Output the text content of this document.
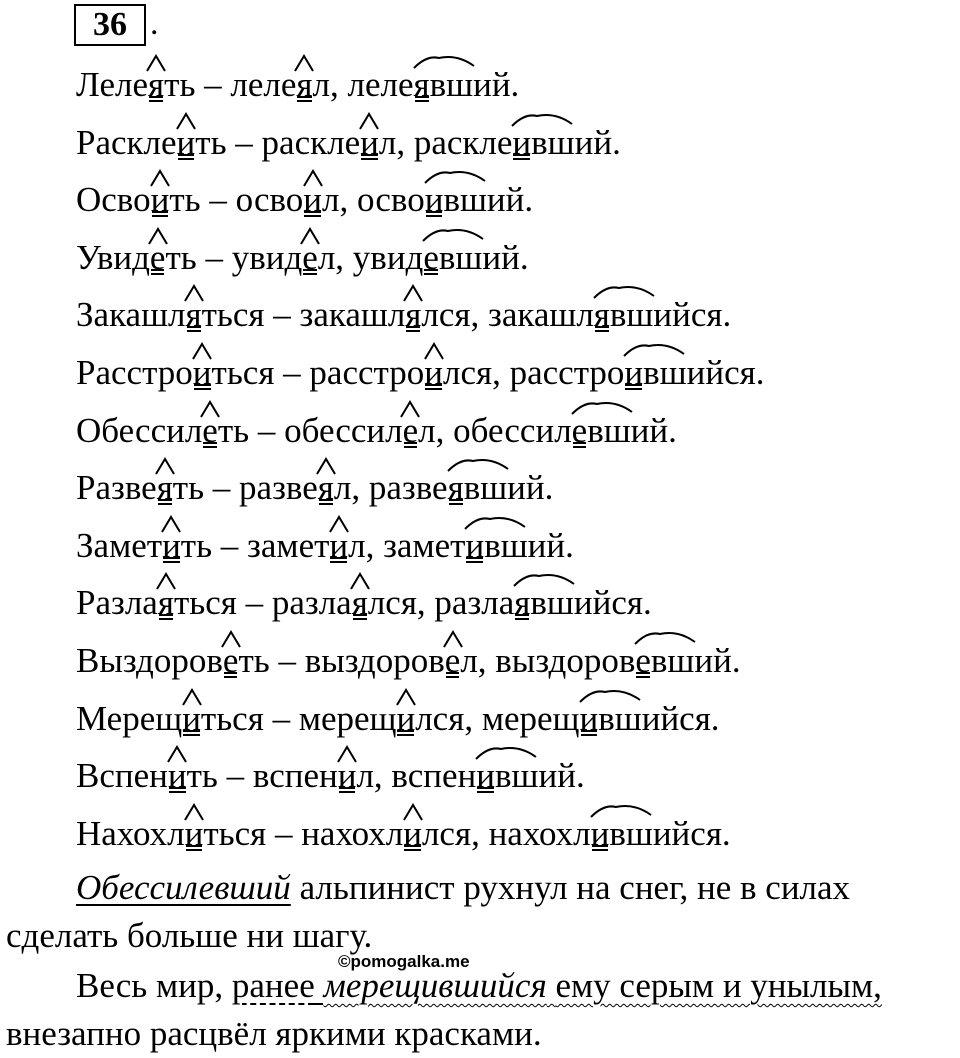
36 .
Лелея
ть – лелея
л, лелея
вший.
Расклеи
ть – расклеи
л, расклеи
вший.
Освои
ть – освои
л, освои
вший.
Увиде
ть – увиде
л, увиде
вший.
Закашля
ться – закашля
лся, закашля
вшийся.
Расстрои
ться – расстрои
лся, расстрои
вшийся.
Обессиле
ть – обессиле
л, обессиле
вший.
Развея
ть – развея
л, развея
вший.
Замети
ть – замети
л, замети
вший.
Разлая
ться – разлая
лся, разлая
вшийся.
Выздорове
ть – выздорове
л, выздорове
вший.
Мерещи
ться – мерещи
лся, мерещи
вшийся.
Вспени
ть – вспени
л, вспени
вший.
Нахохли
ться – нахохли
лся, нахохли
вшийся.
Обессилевший альпинист рухнул на снег, не в силах сделать больше ни шагу.
Весь мир, ранее мерещившийся ему серым и унылым, внезапно расцвёл яркими красками.
©pomogalka.me
